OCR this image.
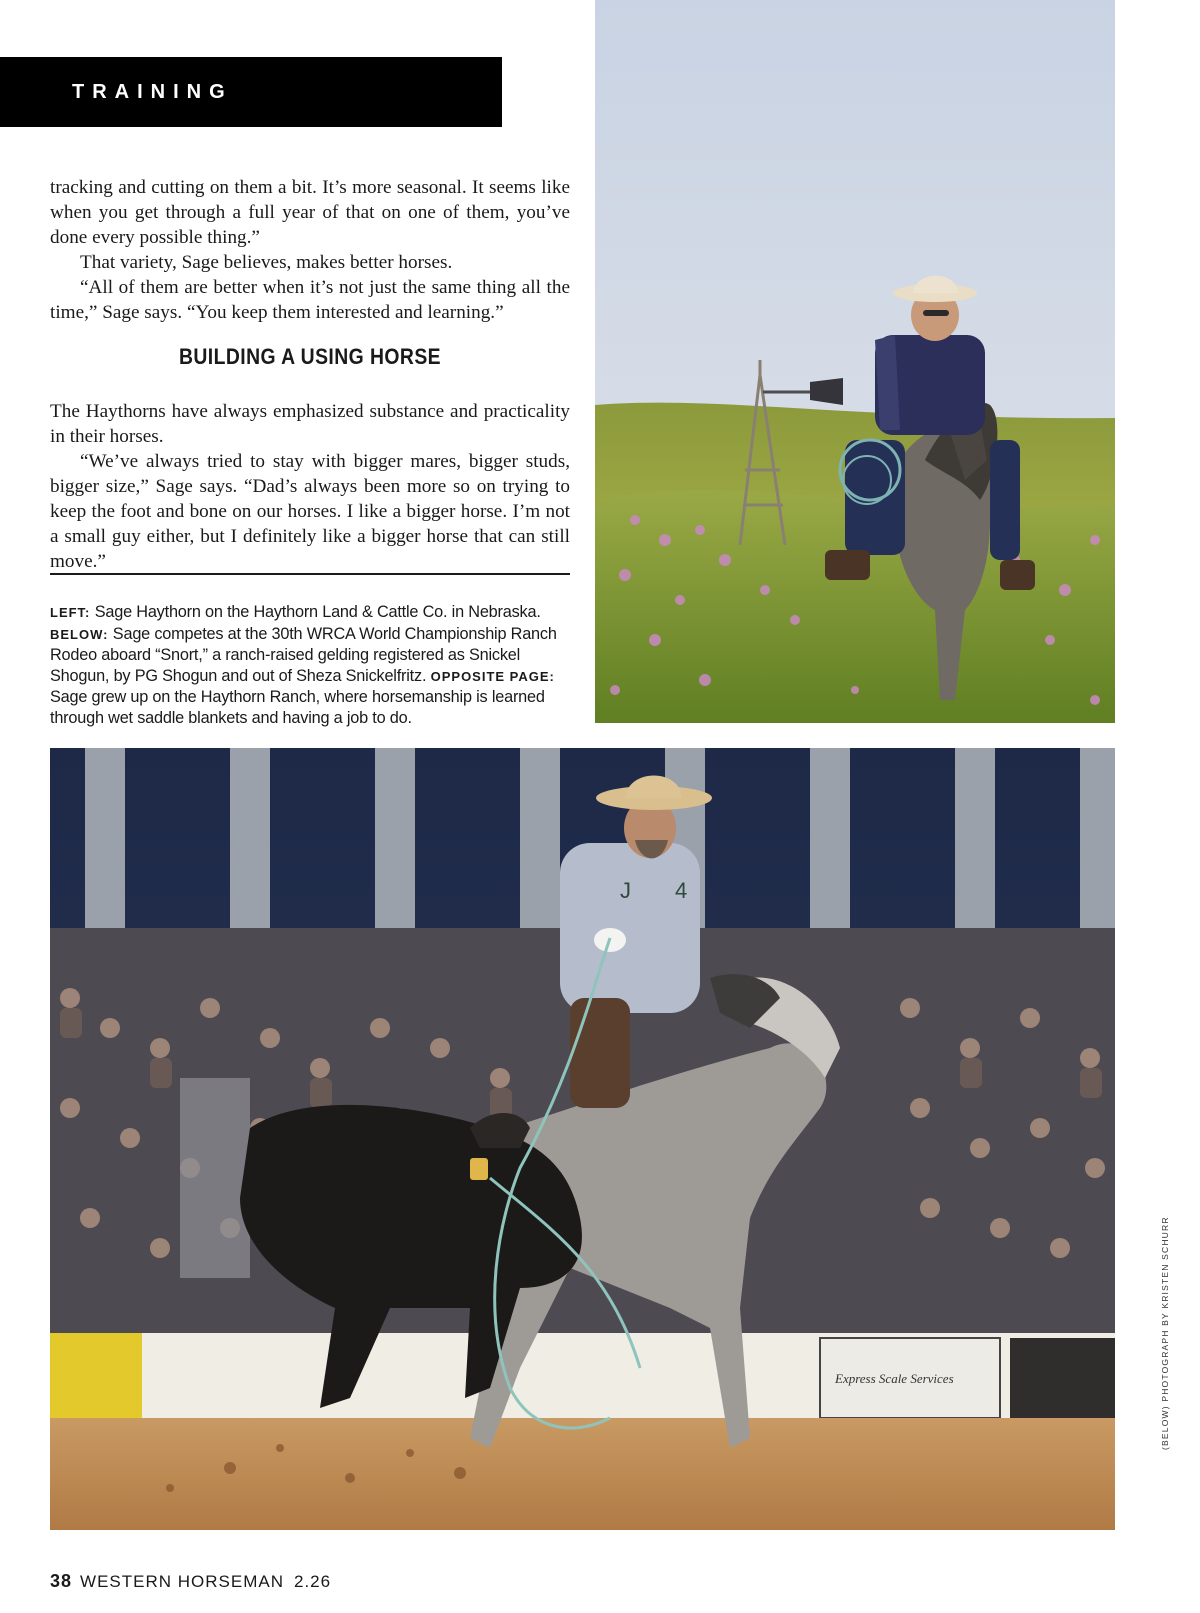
TRAINING

tracking and cutting on them a bit. It’s more seasonal. It seems like when you get through a full year of that on one of them, you’ve done every possible thing.”

That variety, Sage believes, makes better horses.

“All of them are better when it’s not just the same thing all the time,” Sage says. “You keep them interested and learning.”

BUILDING A USING HORSE

The Haythorns have always emphasized substance and practicality in their horses.

“We’ve always tried to stay with bigger mares, bigger studs, bigger size,” Sage says. “Dad’s always been more so on trying to keep the foot and bone on our horses. I like a bigger horse. I’m not a small guy either, but I definitely like a bigger horse that can still move.”

LEFT: Sage Haythorn on the Haythorn Land & Cattle Co. in Nebraska. BELOW: Sage competes at the 30th WRCA World Championship Ranch Rodeo aboard “Snort,” a ranch-raised gelding registered as Snickel Shogun, by PG Shogun and out of Sheza Snickelfritz. OPPOSITE PAGE: Sage grew up on the Haythorn Ranch, where horsemanship is learned through wet saddle blankets and having a job to do.
Express Scale Services
J 4
(BELOW) PHOTOGRAPH BY KRISTEN SCHURR
38 WESTERN HORSEMAN 2.26
